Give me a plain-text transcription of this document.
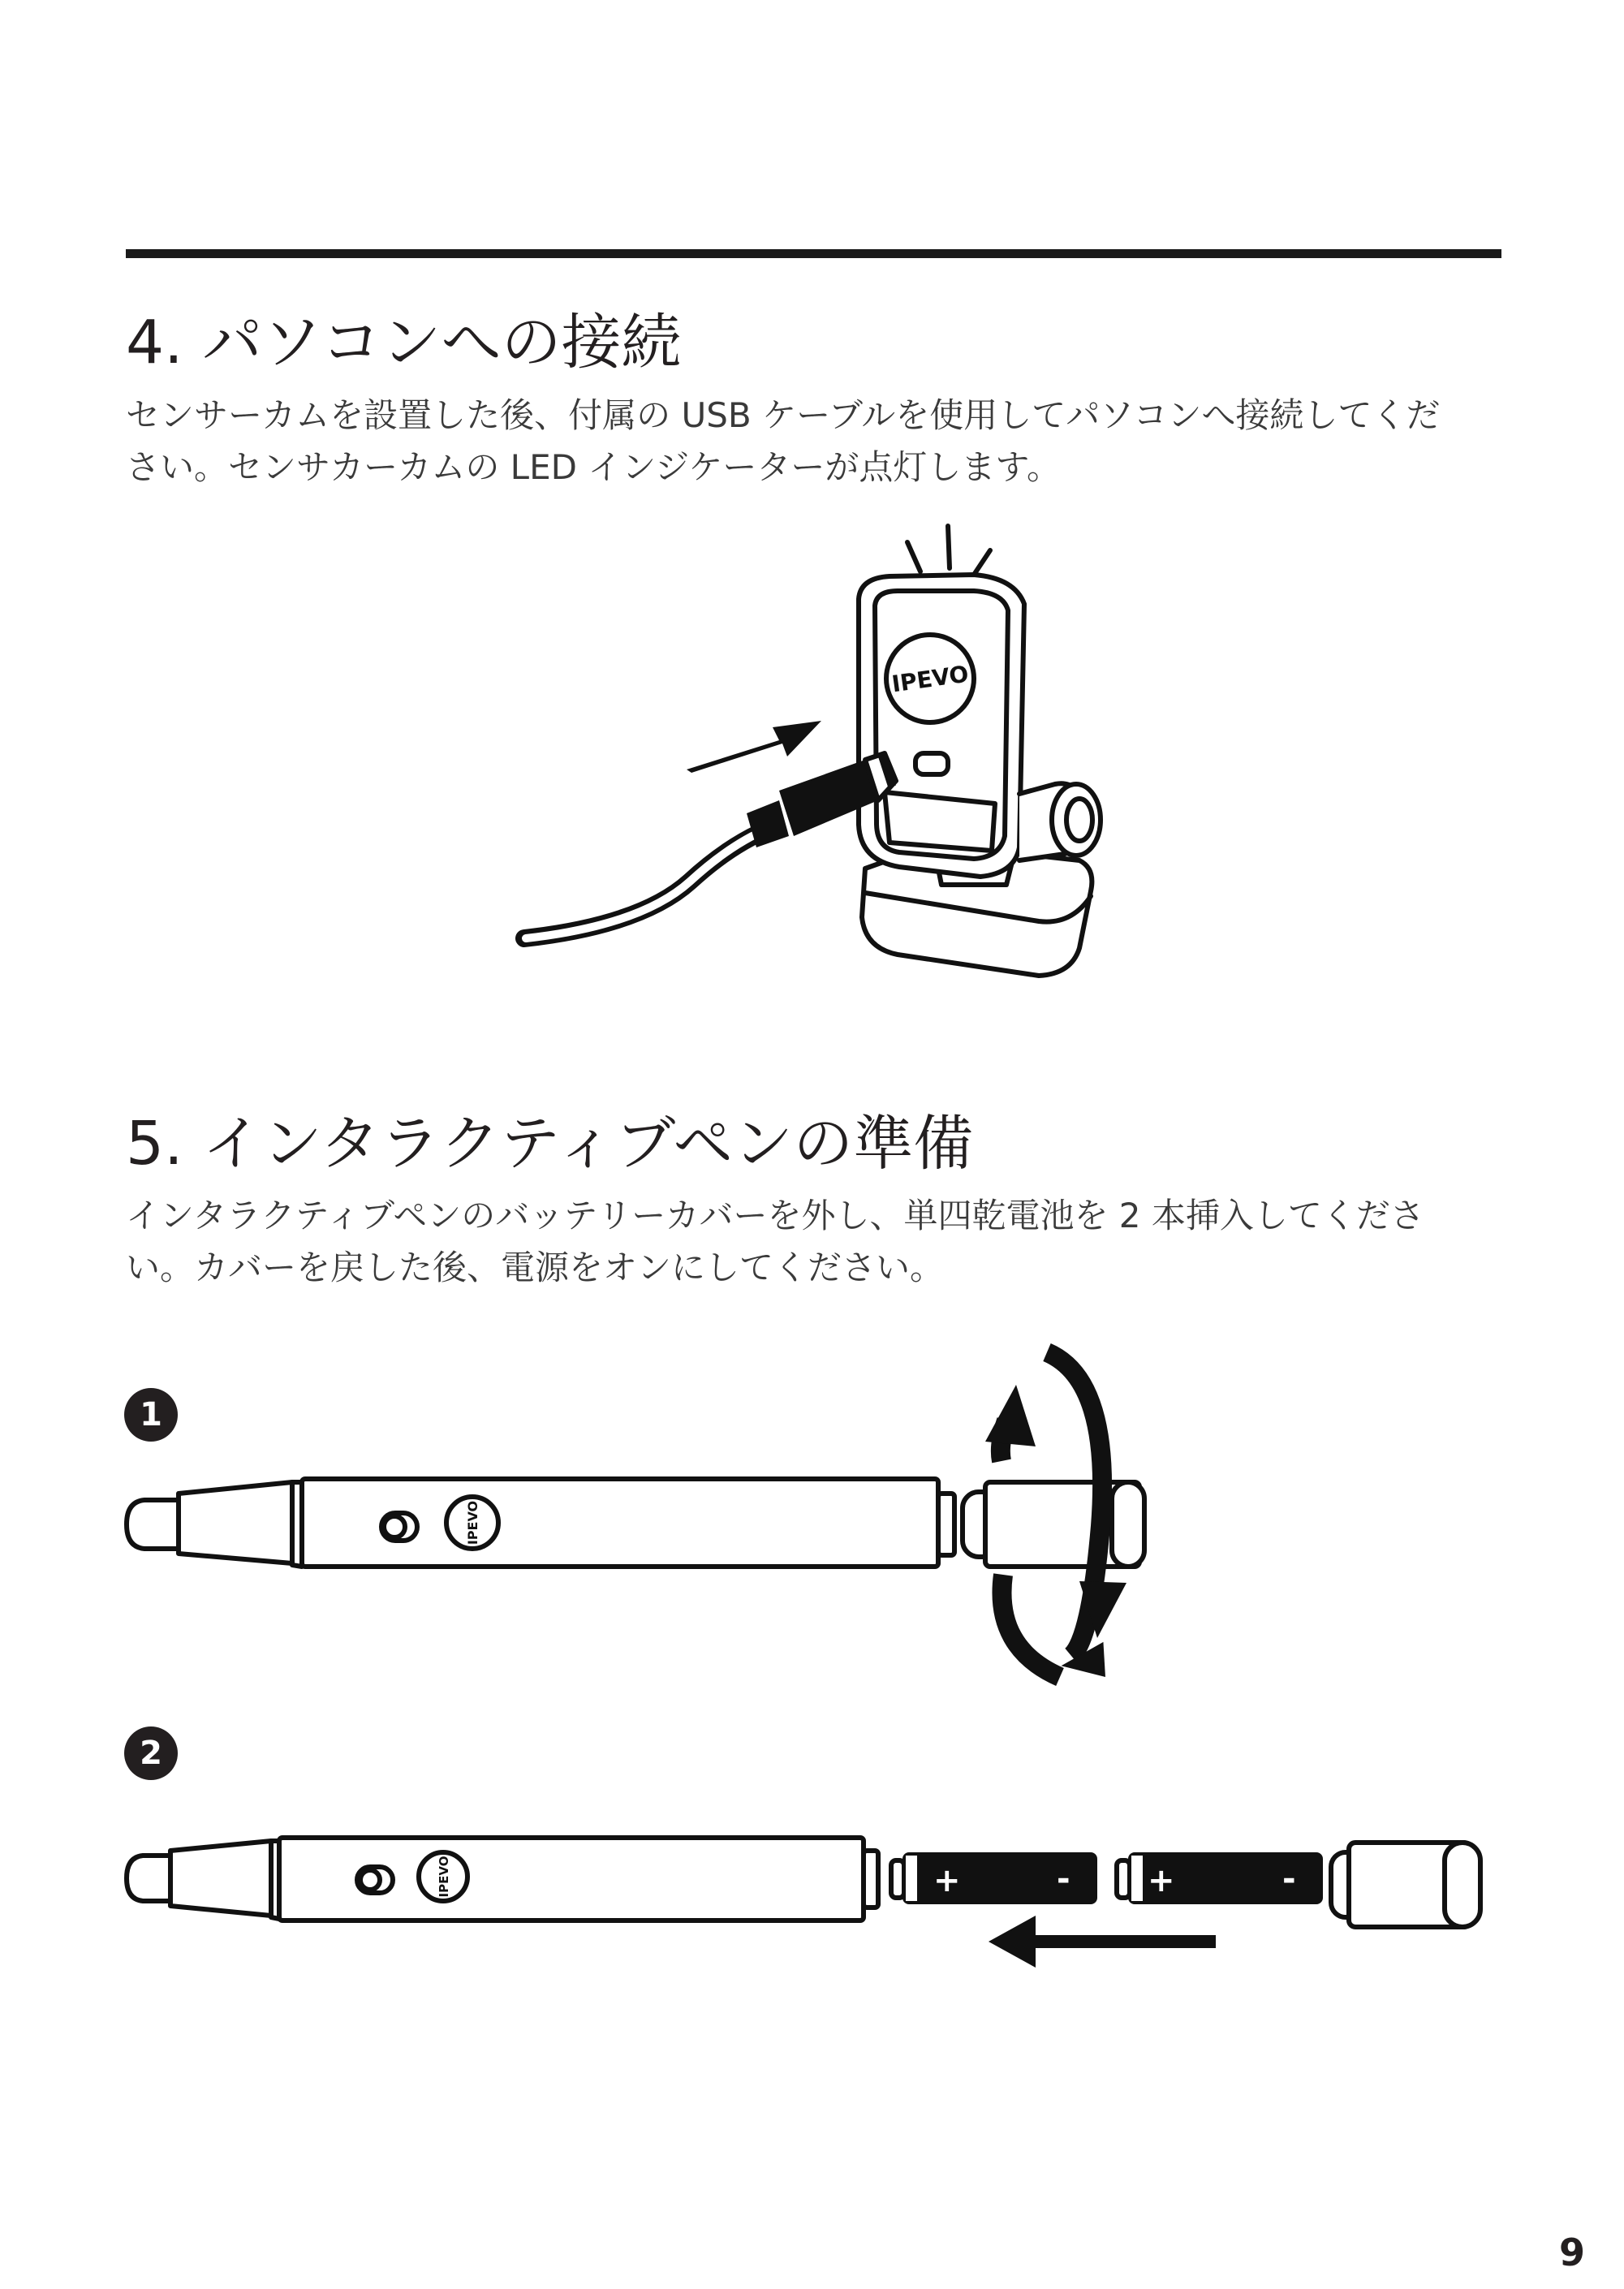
4. パソコンへの接続
センサーカムを設置した後、付属の USB ケーブルを使用してパソコンへ接続してくだ
さい。センサカーカムの LED インジケーターが点灯します。
IPEVO
5. インタラクティブペンの準備
インタラクティブペンのバッテリーカバーを外し、単四乾電池を 2 本挿入してくださ
い。カバーを戻した後、電源をオンにしてください。
1
IPEVO
2
IPEVO	+	- +	-
9
